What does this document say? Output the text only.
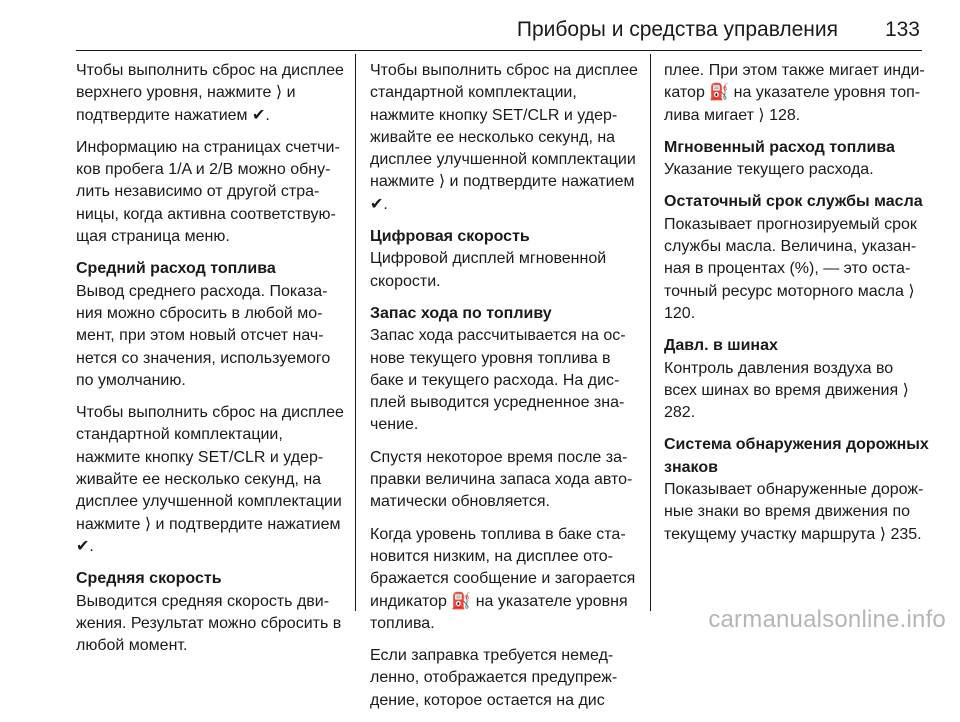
Приборы и средства управления 133

Чтобы выполнить сброс на дисплее верхнего уровня, нажмите ⟩ и подтвердите нажатием ✔.

Информацию на страницах счетчиков пробега 1/A и 2/B можно обнулить независимо от другой страницы, когда активна соответствующая страница меню.

Средний расход топлива

Вывод среднего расхода. Показания можно сбросить в любой момент, при этом новый отсчет начнется со значения, используемого по умолчанию.

Чтобы выполнить сброс на дисплее стандартной комплектации, нажмите кнопку SET/CLR и удерживайте ее несколько секунд, на дисплее улучшенной комплектации нажмите ⟩ и подтвердите нажатием ✔.

Средняя скорость

Выводится средняя скорость движения. Результат можно сбросить в любой момент.

Чтобы выполнить сброс на дисплее стандартной комплектации, нажмите кнопку SET/CLR и удерживайте ее несколько секунд, на дисплее улучшенной комплектации нажмите ⟩ и подтвердите нажатием ✔.

Цифровая скорость

Цифровой дисплей мгновенной скорости.

Запас хода по топливу

Запас хода рассчитывается на основе текущего уровня топлива в баке и текущего расхода. На дисплей выводится усредненное значение.

Спустя некоторое время после заправки величина запаса хода автоматически обновляется.

Когда уровень топлива в баке становится низким, на дисплее отображается сообщение и загорается индикатор ⛽ на указателе уровня топлива.

Если заправка требуется немедленно, отображается предупреждение, которое остается на дис

плее. При этом также мигает индикатор ⛽ на указателе уровня топлива мигает ⟩ 128.

Мгновенный расход топлива

Указание текущего расхода.

Остаточный срок службы масла

Показывает прогнозируемый срок службы масла. Величина, указанная в процентах (%), — это остаточный ресурс моторного масла ⟩ 120.

Давл. в шинах

Контроль давления воздуха во всех шинах во время движения ⟩ 282.

Система обнаружения дорожных знаков

Показывает обнаруженные дорожные знаки во время движения по текущему участку маршрута ⟩ 235.

carmanualsonline.info
